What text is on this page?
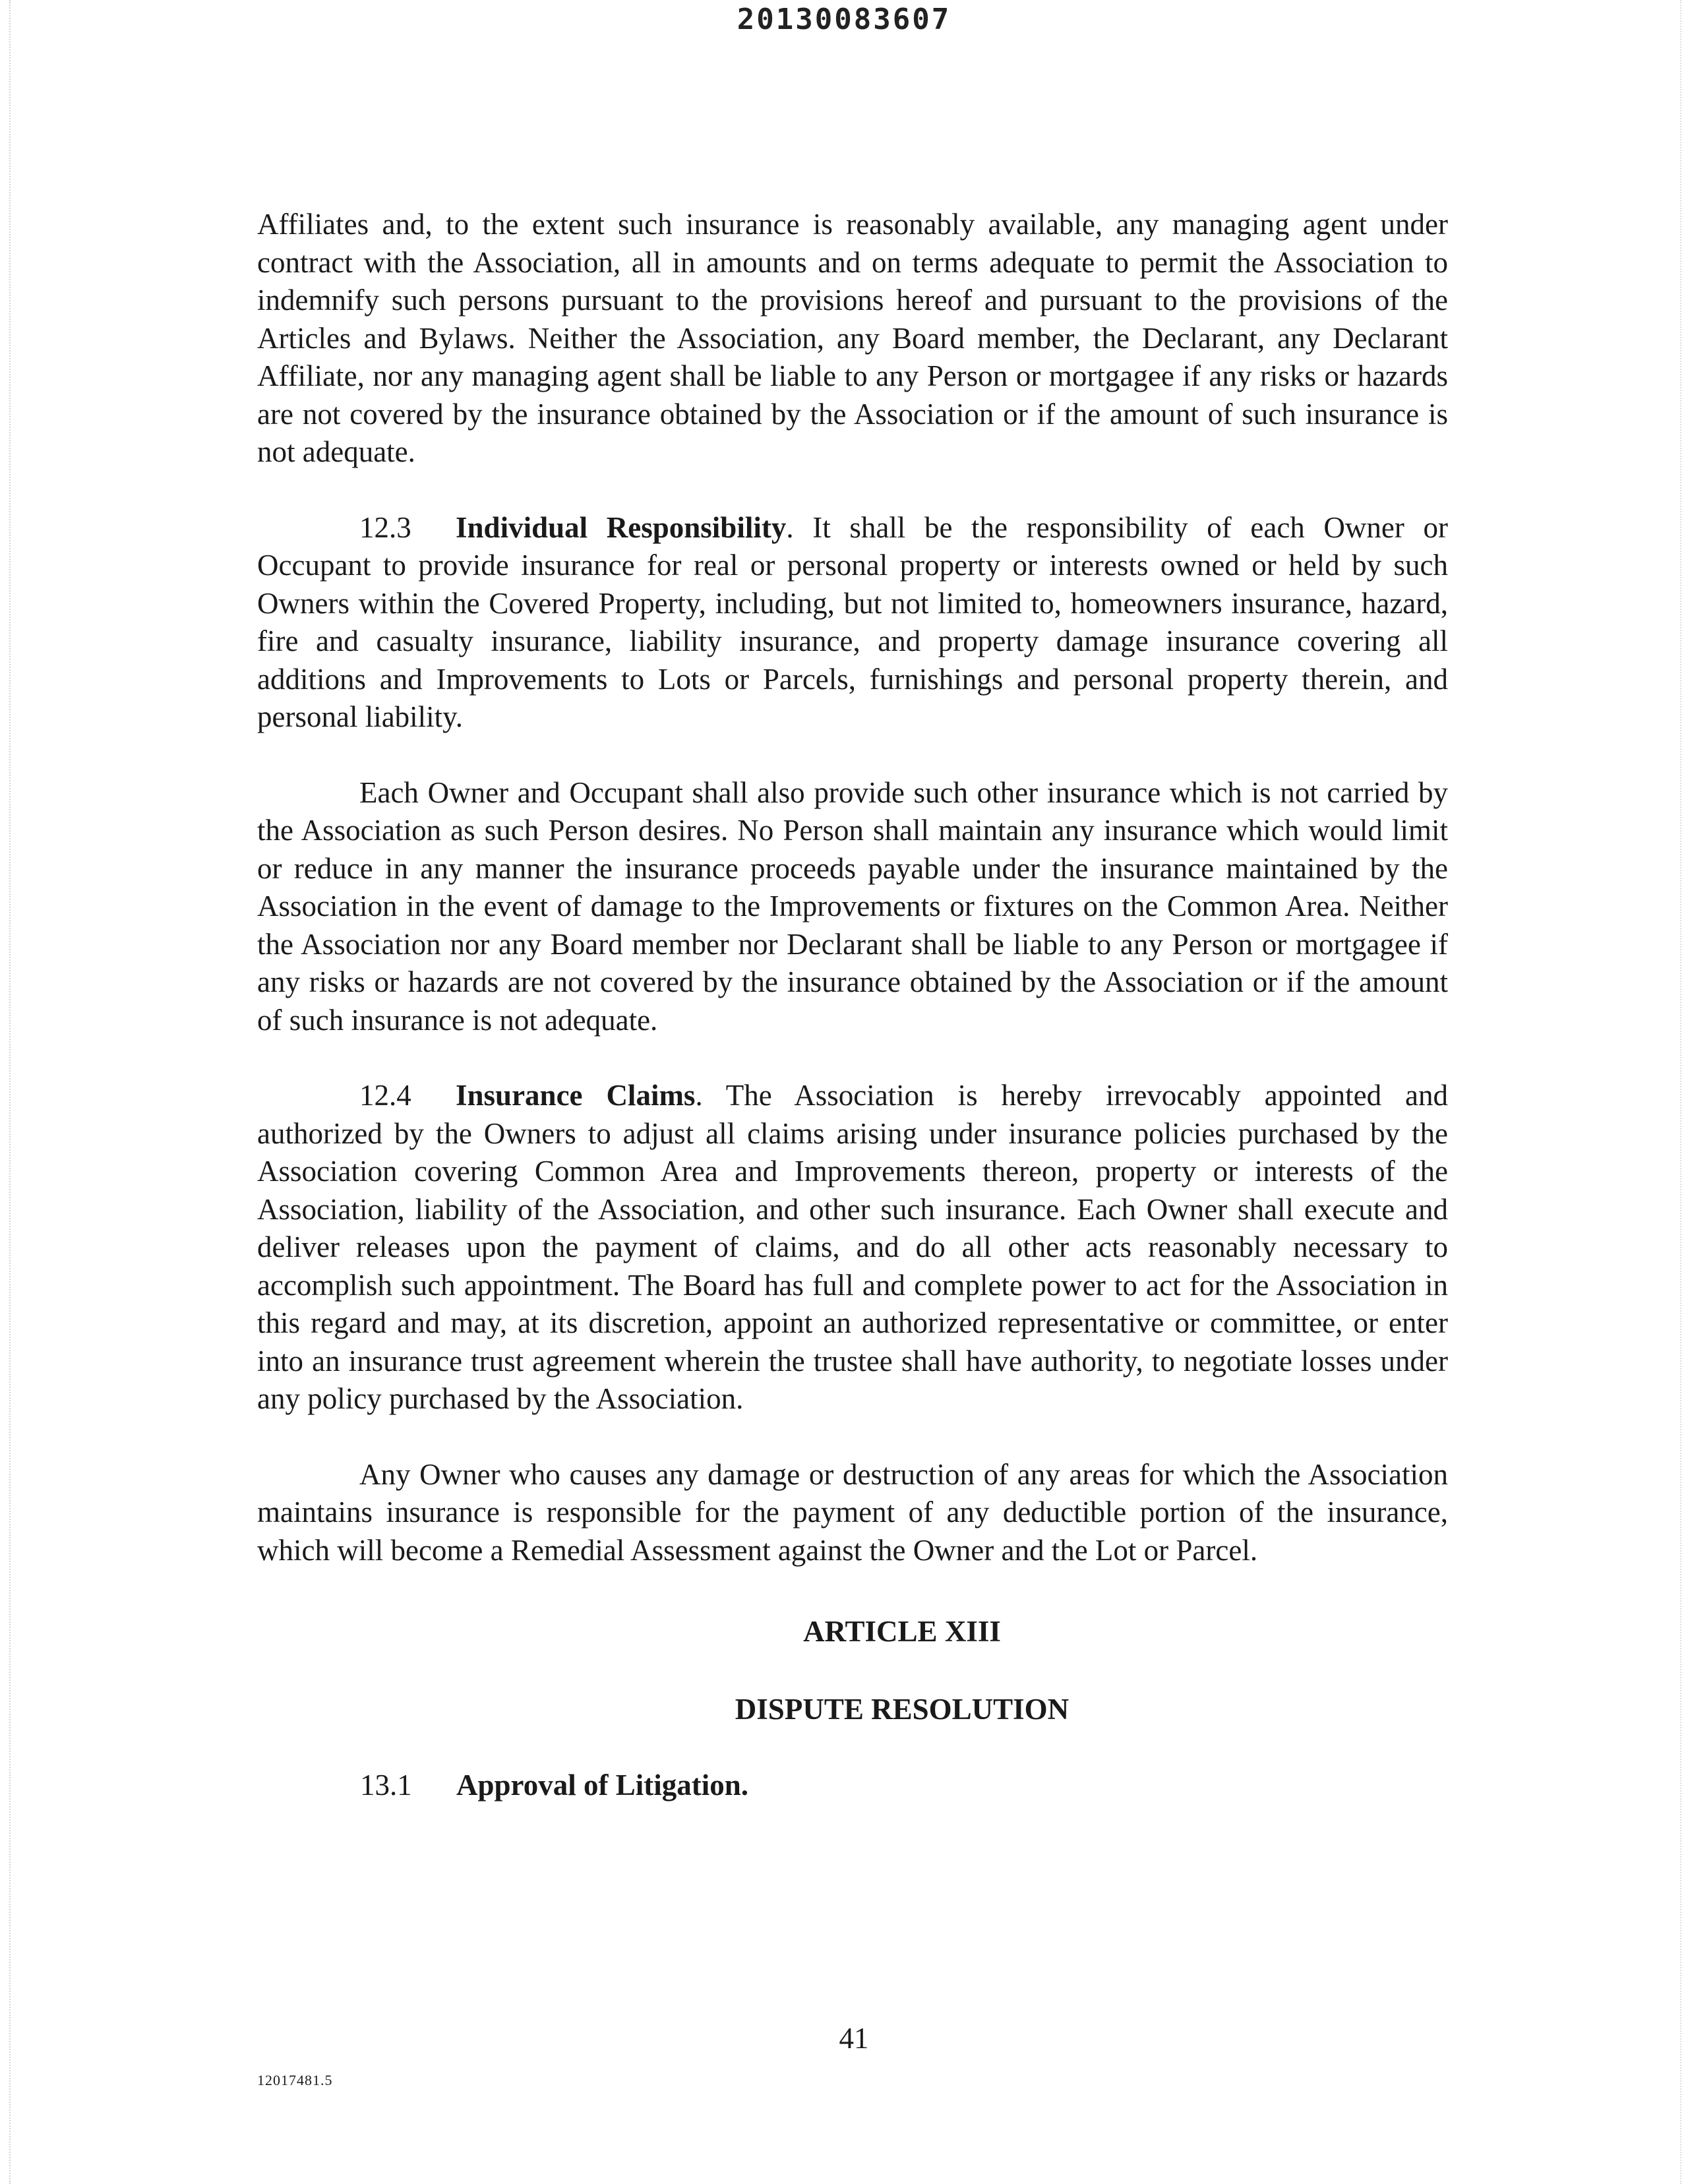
20130083607

Affiliates and, to the extent such insurance is reasonably available, any managing agent under contract with the Association, all in amounts and on terms adequate to permit the Association to indemnify such persons pursuant to the provisions hereof and pursuant to the provisions of the Articles and Bylaws. Neither the Association, any Board member, the Declarant, any Declarant Affiliate, nor any managing agent shall be liable to any Person or mortgagee if any risks or hazards are not covered by the insurance obtained by the Association or if the amount of such insurance is not adequate.

12.3 Individual Responsibility. It shall be the responsibility of each Owner or Occupant to provide insurance for real or personal property or interests owned or held by such Owners within the Covered Property, including, but not limited to, homeowners insurance, hazard, fire and casualty insurance, liability insurance, and property damage insurance covering all additions and Improvements to Lots or Parcels, furnishings and personal property therein, and personal liability.

Each Owner and Occupant shall also provide such other insurance which is not carried by the Association as such Person desires. No Person shall maintain any insurance which would limit or reduce in any manner the insurance proceeds payable under the insurance maintained by the Association in the event of damage to the Improvements or fixtures on the Common Area. Neither the Association nor any Board member nor Declarant shall be liable to any Person or mortgagee if any risks or hazards are not covered by the insurance obtained by the Association or if the amount of such insurance is not adequate.

12.4 Insurance Claims. The Association is hereby irrevocably appointed and authorized by the Owners to adjust all claims arising under insurance policies purchased by the Association covering Common Area and Improvements thereon, property or interests of the Association, liability of the Association, and other such insurance. Each Owner shall execute and deliver releases upon the payment of claims, and do all other acts reasonably necessary to accomplish such appointment. The Board has full and complete power to act for the Association in this regard and may, at its discretion, appoint an authorized representative or committee, or enter into an insurance trust agreement wherein the trustee shall have authority, to negotiate losses under any policy purchased by the Association.

Any Owner who causes any damage or destruction of any areas for which the Association maintains insurance is responsible for the payment of any deductible portion of the insurance, which will become a Remedial Assessment against the Owner and the Lot or Parcel.

ARTICLE XIII

DISPUTE RESOLUTION

13.1 Approval of Litigation.

41
12017481.5
